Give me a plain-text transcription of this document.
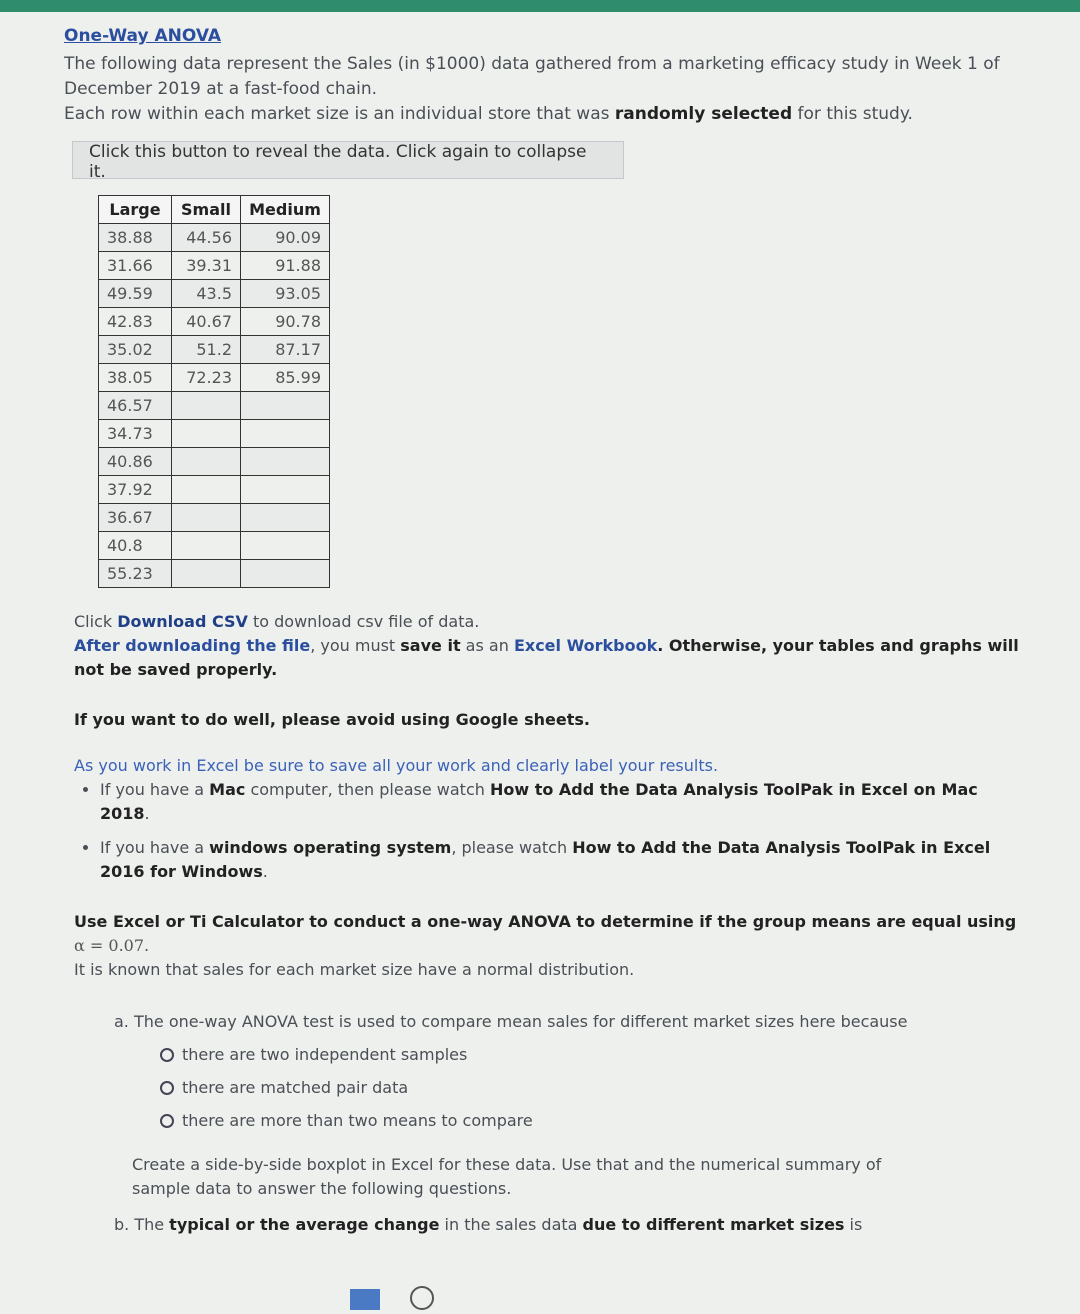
One-Way ANOVA
The following data represent the Sales (in $1000) data gathered from a marketing efficacy study in Week 1 of December 2019 at a fast-food chain.
Each row within each market size is an individual store that was randomly selected for this study.
Click this button to reveal the data. Click again to collapse it.
Large	Small	Medium
38.88	44.56	90.09
31.66	39.31	91.88
49.59	43.5	93.05
42.83	40.67	90.78
35.02	51.2	87.17
38.05	72.23	85.99
46.57		
34.73		
40.86		
37.92		
36.67		
40.8		
55.23		
Click Download CSV to download csv file of data.
After downloading the file, you must save it as an Excel Workbook. Otherwise, your tables and graphs will not be saved properly.
If you want to do well, please avoid using Google sheets.
As you work in Excel be sure to save all your work and clearly label your results.
• If you have a Mac computer, then please watch How to Add the Data Analysis ToolPak in Excel on Mac 2018.
• If you have a windows operating system, please watch How to Add the Data Analysis ToolPak in Excel 2016 for Windows.
Use Excel or Ti Calculator to conduct a one-way ANOVA to determine if the group means are equal using
α = 0.07.
It is known that sales for each market size have a normal distribution.
a. The one-way ANOVA test is used to compare mean sales for different market sizes here because
there are two independent samples
there are matched pair data
there are more than two means to compare
Create a side-by-side boxplot in Excel for these data. Use that and the numerical summary of sample data to answer the following questions.
b. The typical or the average change in the sales data due to different market sizes is
